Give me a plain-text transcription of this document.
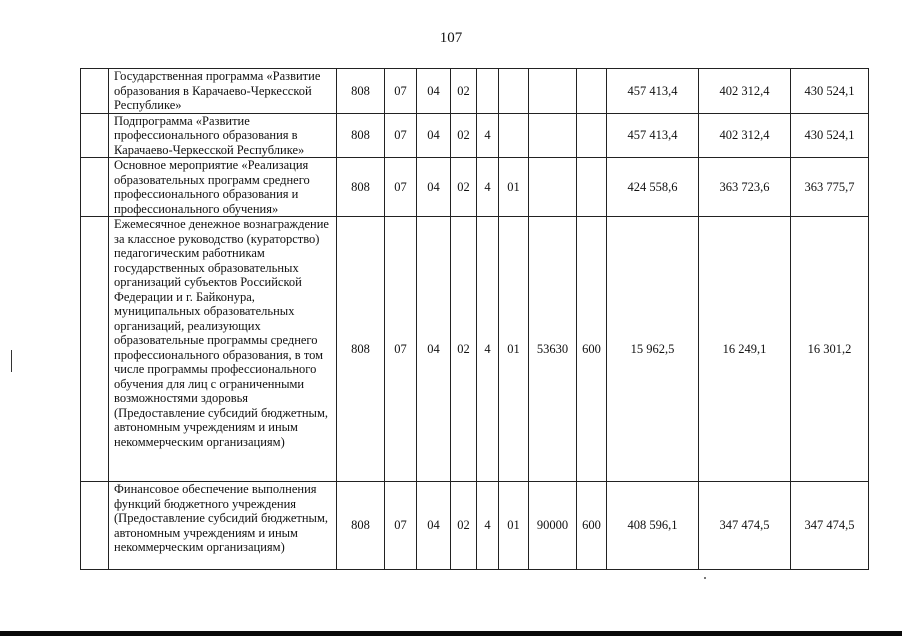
107
	Государственная программа «Развитие образования в Карачаево-Черкесской Республике»	808	07	04	02					457 413,4	402 312,4	430 524,1
	Подпрограмма «Развитие профессионального образования в Карачаево-Черкесской Республике»	808	07	04	02	4				457 413,4	402 312,4	430 524,1
	Основное мероприятие «Реализация образовательных программ среднего профессионального образования и профессионального обучения»	808	07	04	02	4	01			424 558,6	363 723,6	363 775,7
	Ежемесячное денежное вознаграждение за классное руководство (кураторство) педагогическим работникам государственных образовательных организаций субъектов Российской Федерации и г. Байконура, муниципальных образовательных организаций, реализующих образовательные программы среднего профессионального образования, в том числе программы профессионального обучения для лиц с ограниченными возможностями здоровья (Предоставление субсидий бюджетным, автономным учреждениям и иным некоммерческим организациям)	808	07	04	02	4	01	53630	600	15 962,5	16 249,1	16 301,2
	Финансовое обеспечение выполнения функций бюджетного учреждения (Предоставление субсидий бюджетным, автономным учреждениям и иным некоммерческим организациям)	808	07	04	02	4	01	90000	600	408 596,1	347 474,5	347 474,5
